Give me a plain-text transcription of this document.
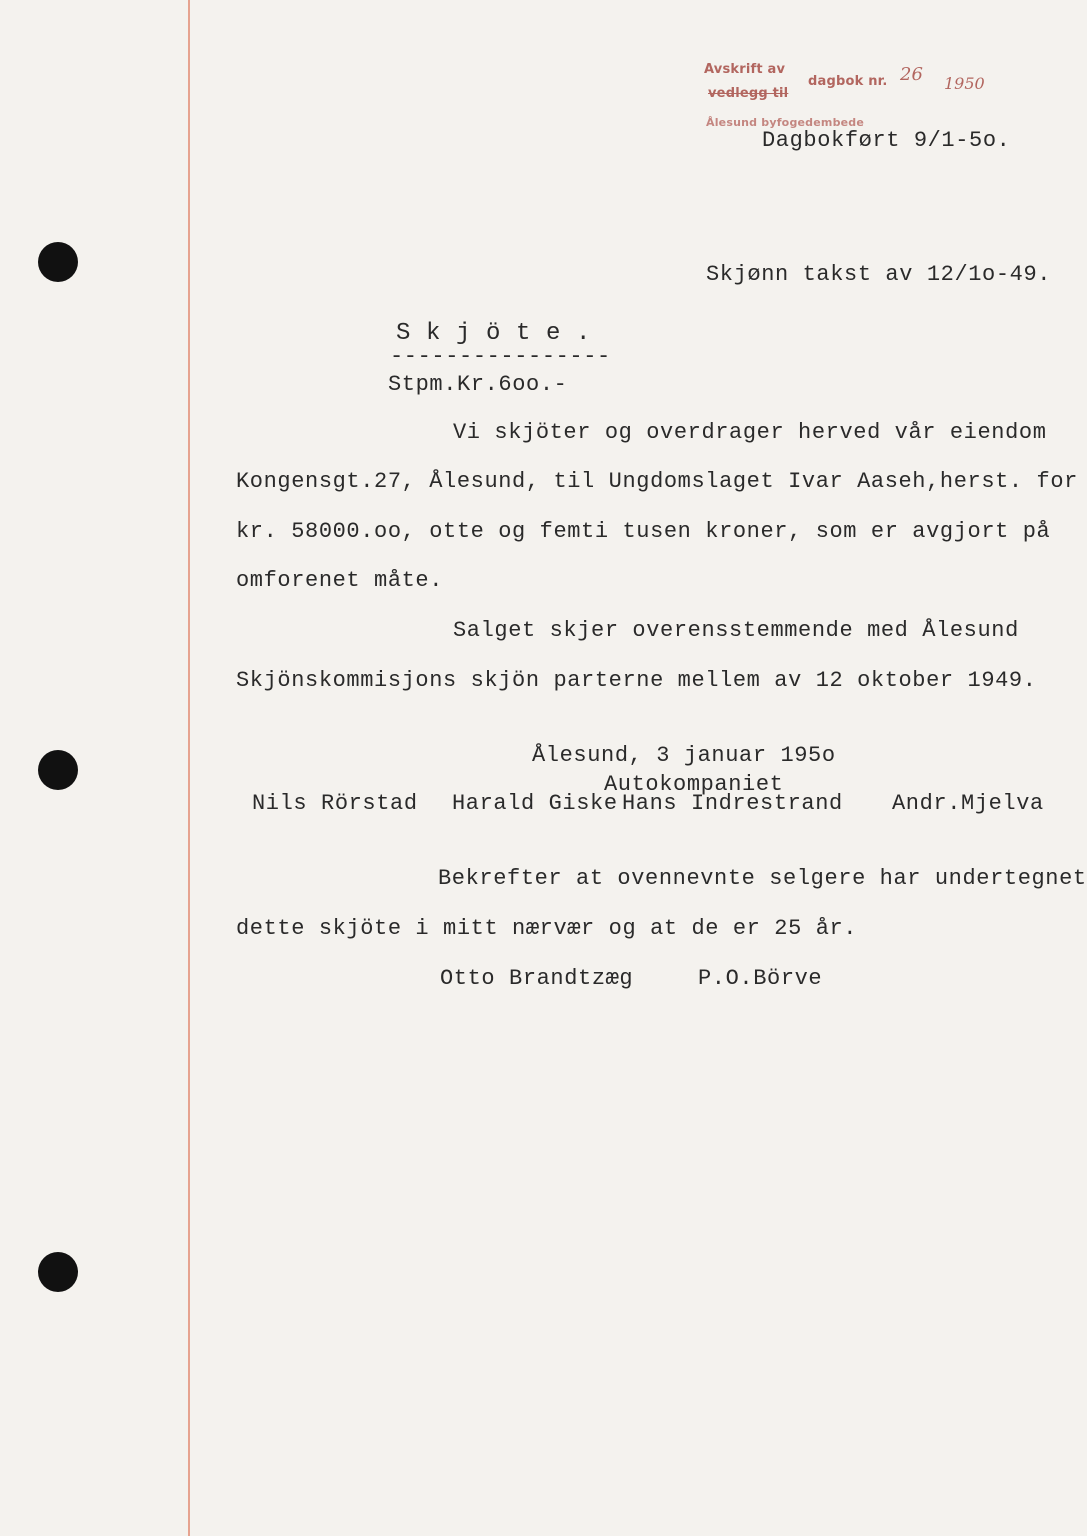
Avskrift av
vedlegg til
dagbok nr. 26 1950
Ålesund byfogedembede
Dagbokført 9/1-5o.
Skjønn takst av 12/1o-49.
S k j ö t e .
----------------
Stpm.Kr.6oo.-
Vi skjöter og overdrager herved vår eiendom
Kongensgt.27, Ålesund, til Ungdomslaget Ivar Aaseh,herst. for
kr. 58000.oo, otte og femti tusen kroner, som er avgjort på
omforenet måte.
Salget skjer overensstemmende med Ålesund
Skjönskommisjons skjön parterne mellem av 12 oktober 1949.
Ålesund, 3 januar 195o
Autokompaniet
Nils Rörstad Harald Giske Hans Indrestrand Andr.Mjelva
Bekrefter at ovennevnte selgere har undertegnet
dette skjöte i mitt nærvær og at de er 25 år.
Otto Brandtzæg	P.O.Börve
